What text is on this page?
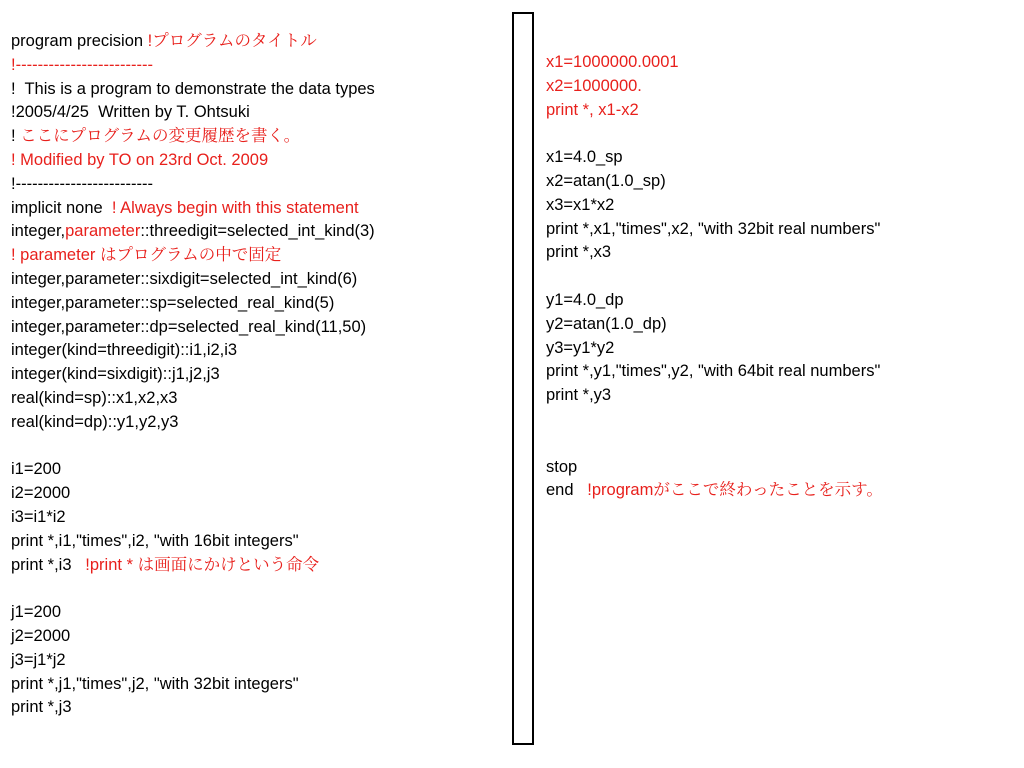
program precision !プログラムのタイトル
!-------------------------
!  This is a program to demonstrate the data types
!2005/4/25  Written by T. Ohtsuki
! ここにプログラムの変更履歴を書く。
! Modified by TO on 23rd Oct. 2009
!-------------------------
implicit none  ! Always begin with this statement
integer,parameter::threedigit=selected_int_kind(3)
! parameter はプログラムの中で固定
integer,parameter::sixdigit=selected_int_kind(6)
integer,parameter::sp=selected_real_kind(5)
integer,parameter::dp=selected_real_kind(11,50)
integer(kind=threedigit)::i1,i2,i3
integer(kind=sixdigit)::j1,j2,j3
real(kind=sp)::x1,x2,x3
real(kind=dp)::y1,y2,y3
i1=200
i2=2000
i3=i1*i2
print *,i1,"times",i2, "with 16bit integers"
print *,i3   !print * は画面にかけという命令
j1=200
j2=2000
j3=j1*j2
print *,j1,"times",j2, "with 32bit integers"
print *,j3
x1=1000000.0001
x2=1000000.
print *, x1-x2
x1=4.0_sp
x2=atan(1.0_sp)
x3=x1*x2
print *,x1,"times",x2, "with 32bit real numbers"
print *,x3
y1=4.0_dp
y2=atan(1.0_dp)
y3=y1*y2
print *,y1,"times",y2, "with 64bit real numbers"
print *,y3
stop
end   !programがここで終わったことを示す。
